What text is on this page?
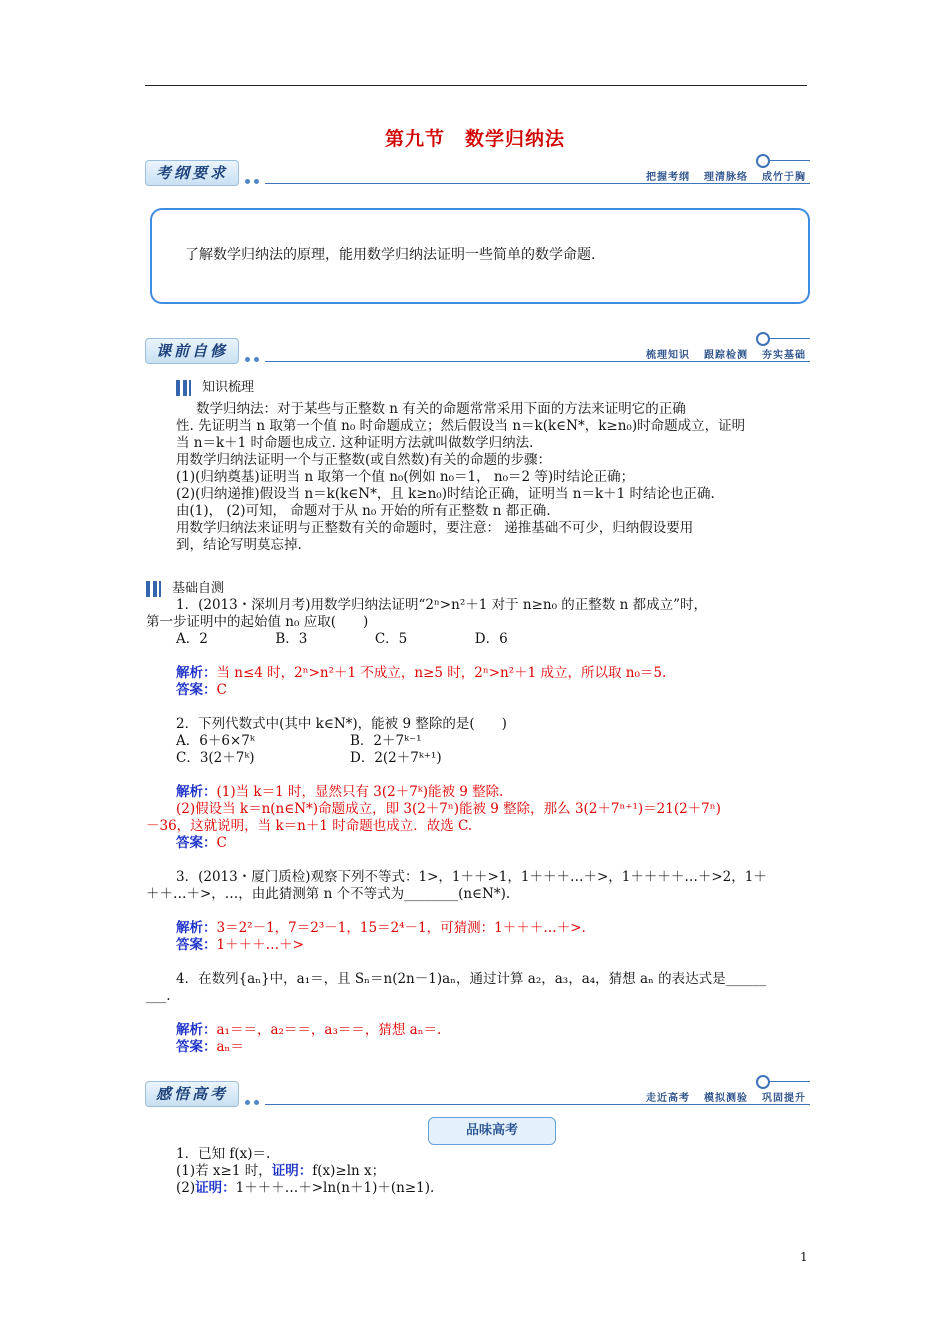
第九节　数学归纳法
考纲要求	把握考纲 理清脉络 成竹于胸
了解数学归纳法的原理，能用数学归纳法证明一些简单的数学命题.
课前自修	梳理知识 跟踪检测 夯实基础
知识梳理
数学归纳法：对于某些与正整数 n 有关的命题常常采用下面的方法来证明它的正确
性. 先证明当 n 取第一个值 n₀ 时命题成立；然后假设当 n＝k(k∈N*，k≥n₀)时命题成立，证明
当 n＝k＋1 时命题也成立. 这种证明方法就叫做数学归纳法.
用数学归纳法证明一个与正整数(或自然数)有关的命题的步骤：
(1)(归纳奠基)证明当 n 取第一个值 n₀(例如 n₀＝1， n₀＝2 等)时结论正确；
(2)(归纳递推)假设当 n＝k(k∈N*，且 k≥n₀)时结论正确，证明当 n＝k＋1 时结论也正确.
由(1)， (2)可知， 命题对于从 n₀ 开始的所有正整数 n 都正确.
用数学归纳法来证明与正整数有关的命题时，要注意： 递推基础不可少，归纳假设要用
到，结论写明莫忘掉.
基础自测
1．(2013・深圳月考)用数学归纳法证明“2ⁿ>n²＋1 对于 n≥n₀ 的正整数 n 都成立”时，
第一步证明中的起始值 n₀ 应取(　　)
A．2　　　　　B．3　　　　　C．5　　　　　D．6
解析：当 n≤4 时，2ⁿ>n²＋1 不成立，n≥5 时，2ⁿ>n²＋1 成立，所以取 n₀＝5.
答案：C
2．下列代数式中(其中 k∈N*)，能被 9 整除的是(　　)
A．6＋6×7ᵏ	B．2＋7ᵏ⁻¹
C．3(2＋7ᵏ)	D．2(2＋7ᵏ⁺¹)
解析：(1)当 k＝1 时，显然只有 3(2＋7ᵏ)能被 9 整除.
(2)假设当 k＝n(n∈N*)命题成立，即 3(2＋7ⁿ)能被 9 整除，那么 3(2＋7ⁿ⁺¹)＝21(2＋7ⁿ)
－36，这就说明，当 k＝n＋1 时命题也成立．故选 C.
答案：C
3．(2013・厦门质检)观察下列不等式：1>，1＋＋>1，1＋＋＋…＋>，1＋＋＋＋…＋>2，1＋
＋＋…＋>，…，由此猜测第 n 个不等式为________(n∈N*).
解析：3＝2²－1，7＝2³－1，15＝2⁴－1，可猜测：1＋＋＋…＋>.
答案：1＋＋＋…＋>
4．在数列{aₙ}中，a₁＝，且 Sₙ＝n(2n－1)aₙ，通过计算 a₂，a₃，a₄，猜想 aₙ 的表达式是______
___.
解析：a₁＝＝，a₂＝＝，a₃＝＝，猜想 aₙ＝.
答案：aₙ＝
感悟高考	走近高考 模拟测验 巩固提升
品味高考
1．已知 f(x)＝.
(1)若 x≥1 时，证明：f(x)≥ln x；
(2)证明：1＋＋＋…＋>ln(n＋1)＋(n≥1).
1
